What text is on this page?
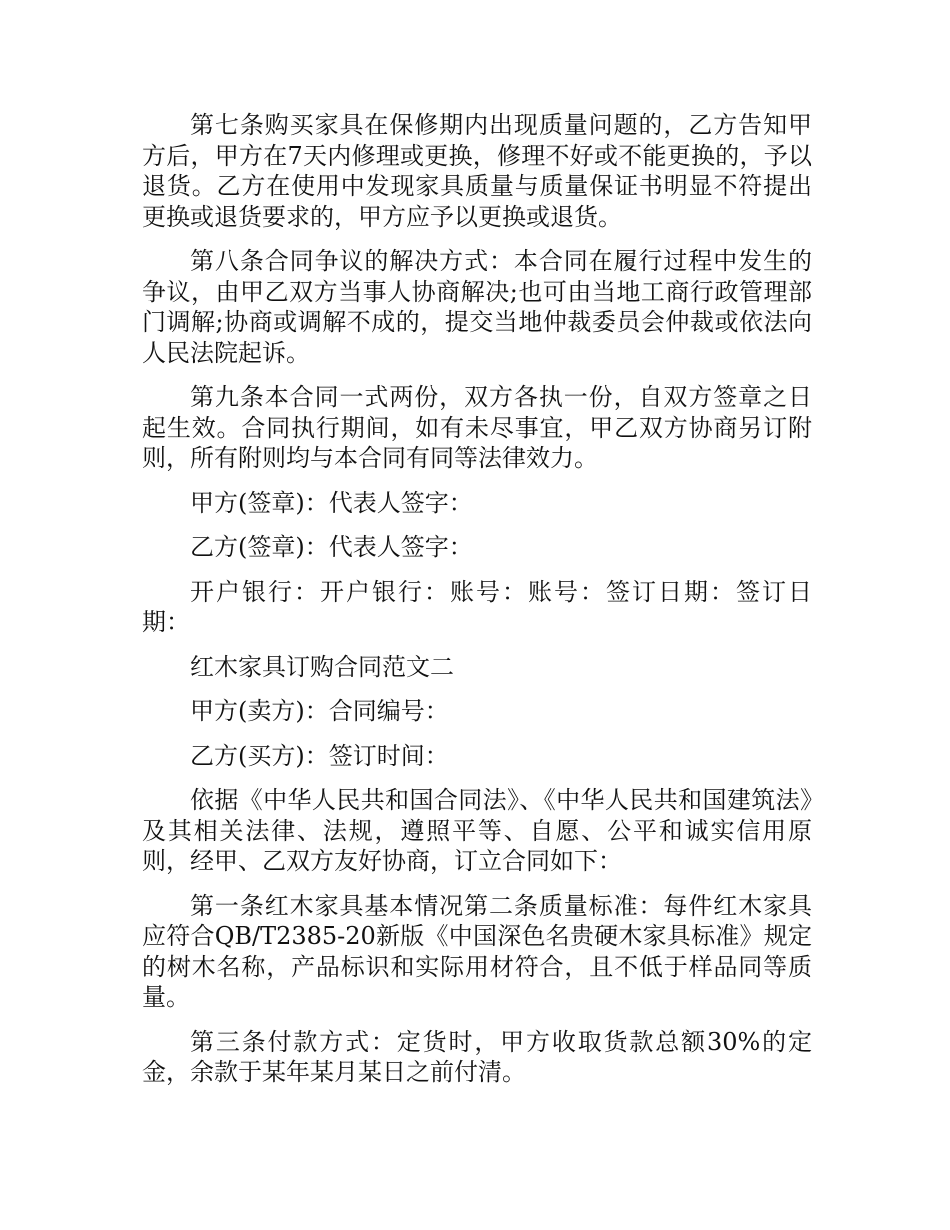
第七条购买家具在保修期内出现质量问题的，乙方告知甲方后，甲方在7天内修理或更换，修理不好或不能更换的，予以退货。乙方在使用中发现家具质量与质量保证书明显不符提出更换或退货要求的，甲方应予以更换或退货。

第八条合同争议的解决方式：本合同在履行过程中发生的争议，由甲乙双方当事人协商解决;也可由当地工商行政管理部门调解;协商或调解不成的，提交当地仲裁委员会仲裁或依法向人民法院起诉。

第九条本合同一式两份，双方各执一份，自双方签章之日起生效。合同执行期间，如有未尽事宜，甲乙双方协商另订附则，所有附则均与本合同有同等法律效力。

甲方(签章)：代表人签字：

乙方(签章)：代表人签字：

开户银行：开户银行：账号：账号：签订日期：签订日期：

红木家具订购合同范文二

甲方(卖方)：合同编号：

乙方(买方)：签订时间：

依据《中华人民共和国合同法》、《中华人民共和国建筑法》及其相关法律、法规，遵照平等、自愿、公平和诚实信用原则，经甲、乙双方友好协商，订立合同如下：

第一条红木家具基本情况第二条质量标准：每件红木家具应符合QB/T2385-20新版《中国深色名贵硬木家具标准》规定的树木名称，产品标识和实际用材符合，且不低于样品同等质量。

第三条付款方式：定货时，甲方收取货款总额30%的定金，余款于某年某月某日之前付清。
